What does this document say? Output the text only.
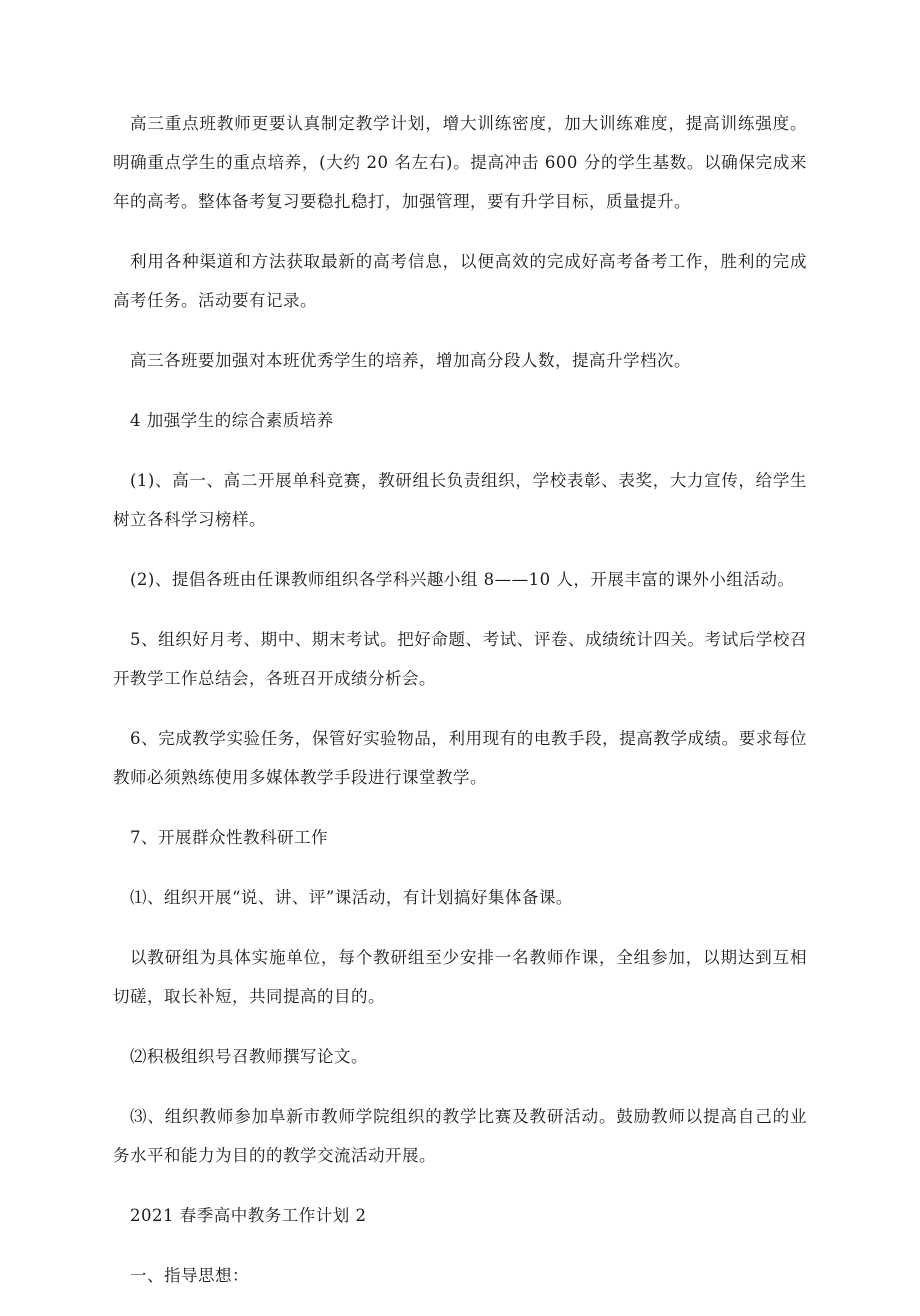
高三重点班教师更要认真制定教学计划，增大训练密度，加大训练难度，提高训练强度。明确重点学生的重点培养，(大约 20 名左右)。提高冲击 600 分的学生基数。以确保完成来年的高考。整体备考复习要稳扎稳打，加强管理，要有升学目标，质量提升。

利用各种渠道和方法获取最新的高考信息，以便高效的完成好高考备考工作，胜利的完成高考任务。活动要有记录。

高三各班要加强对本班优秀学生的培养，增加高分段人数，提高升学档次。

4 加强学生的综合素质培养

(1)、高一、高二开展单科竞赛，教研组长负责组织，学校表彰、表奖，大力宣传，给学生树立各科学习榜样。

(2)、提倡各班由任课教师组织各学科兴趣小组 8——10 人，开展丰富的课外小组活动。

5、组织好月考、期中、期末考试。把好命题、考试、评卷、成绩统计四关。考试后学校召开教学工作总结会，各班召开成绩分析会。

6、完成教学实验任务，保管好实验物品，利用现有的电教手段，提高教学成绩。要求每位教师必须熟练使用多媒体教学手段进行课堂教学。

7、开展群众性教科研工作

⑴、组织开展“说、讲、评”课活动，有计划搞好集体备课。

以教研组为具体实施单位，每个教研组至少安排一名教师作课，全组参加，以期达到互相切磋，取长补短，共同提高的目的。

⑵积极组织号召教师撰写论文。

⑶、组织教师参加阜新市教师学院组织的教学比赛及教研活动。鼓励教师以提高自己的业务水平和能力为目的的教学交流活动开展。

2021 春季高中教务工作计划 2

一、指导思想：
